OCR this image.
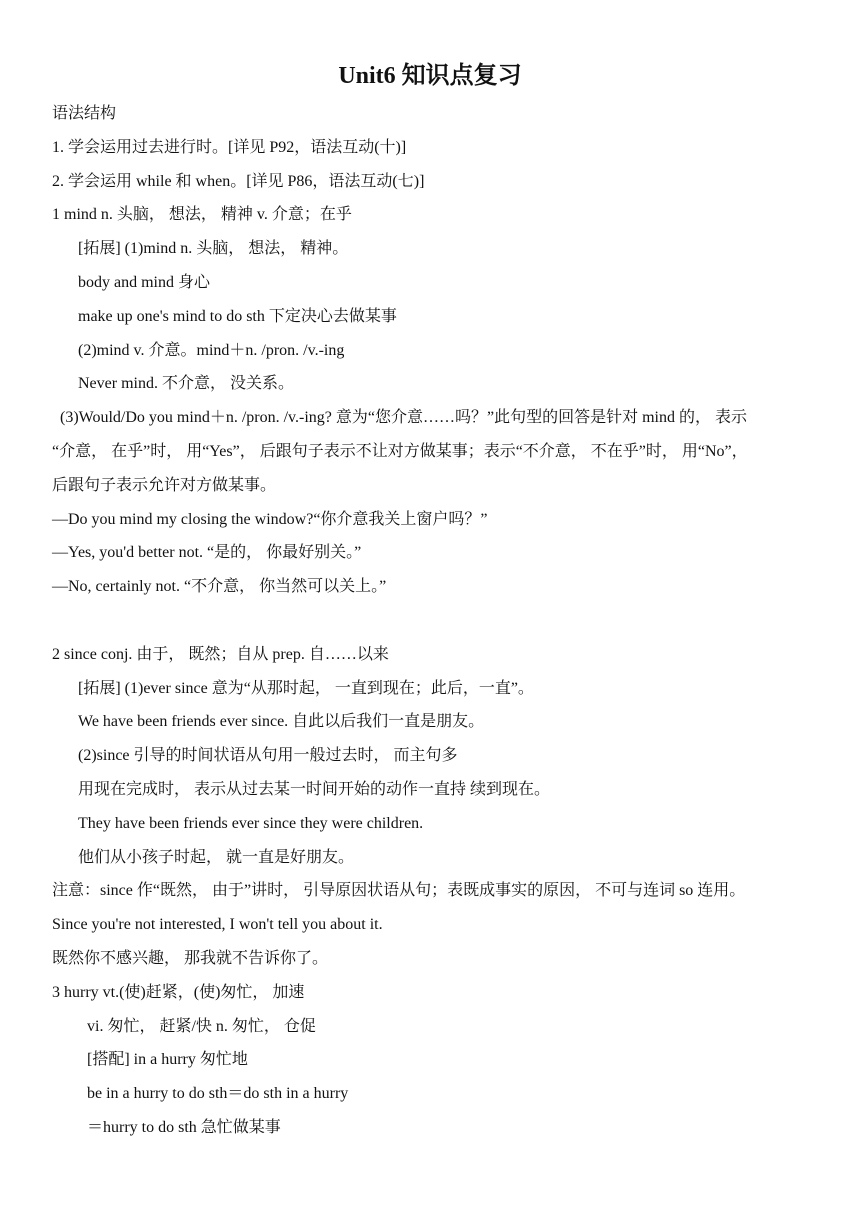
Unit6 知识点复习
语法结构
1. 学会运用过去进行时。[详见 P92，语法互动(十)]
2. 学会运用 while 和 when。[详见 P86，语法互动(七)]
1 mind n. 头脑， 想法， 精神 v. 介意；在乎
[拓展] (1)mind n. 头脑， 想法， 精神。
body and mind 身心
make up one's mind to do sth 下定决心去做某事
(2)mind v. 介意。mind＋n. /pron. /v.-ing
Never mind. 不介意， 没关系。
(3)Would/Do you mind＋n. /pron. /v.-ing? 意为“您介意……吗？”此句型的回答是针对 mind 的， 表示
“介意， 在乎”时， 用“Yes”， 后跟句子表示不让对方做某事；表示“不介意， 不在乎”时， 用“No”，
后跟句子表示允许对方做某事。
—Do you mind my closing the window?“你介意我关上窗户吗？”
—Yes, you'd better not. “是的， 你最好别关。”
—No, certainly not. “不介意， 你当然可以关上。”
2 since conj. 由于， 既然；自从 prep. 自……以来
[拓展] (1)ever since 意为“从那时起， 一直到现在；此后，一直”。
We have been friends ever since. 自此以后我们一直是朋友。
(2)since 引导的时间状语从句用一般过去时， 而主句多
用现在完成时， 表示从过去某一时间开始的动作一直持 续到现在。
They have been friends ever since they were children.
他们从小孩子时起， 就一直是好朋友。
注意：since 作“既然， 由于”讲时， 引导原因状语从句；表既成事实的原因， 不可与连词 so 连用。
Since you're not interested, I won't tell you about it.
既然你不感兴趣， 那我就不告诉你了。
3 hurry vt.(使)赶紧，(使)匆忙， 加速
vi. 匆忙， 赶紧/快 n. 匆忙， 仓促
[搭配] in a hurry 匆忙地
be in a hurry to do sth＝do sth in a hurry
＝hurry to do sth 急忙做某事
